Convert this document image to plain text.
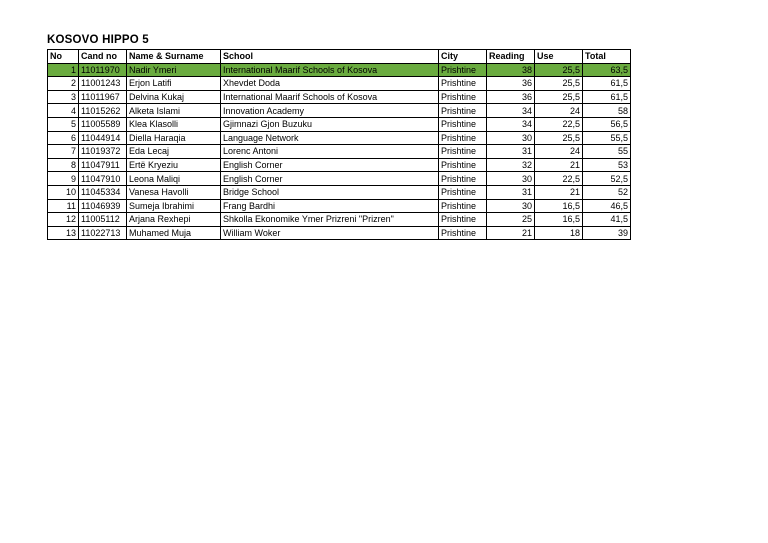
KOSOVO HIPPO 5
No	Cand no	Name & Surname	School	City	Reading	Use	Total
1	11011970	Nadir Ymeri	International Maarif Schools of Kosova	Prishtine	38	25,5	63,5
2	11001243	Erjon Latifi	Xhevdet Doda	Prishtine	36	25,5	61,5
3	11011967	Delvina Kukaj	International Maarif Schools of Kosova	Prishtine	36	25,5	61,5
4	11015262	Alketa Islami	Innovation Academy	Prishtine	34	24	58
5	11005589	Klea Klasolli	Gjimnazi Gjon Buzuku	Prishtine	34	22,5	56,5
6	11044914	Diella Haraqia	Language Network	Prishtine	30	25,5	55,5
7	11019372	Eda Lecaj	Lorenc Antoni	Prishtine	31	24	55
8	11047911	Ertë Kryeziu	English Corner	Prishtine	32	21	53
9	11047910	Leona Maliqi	English Corner	Prishtine	30	22,5	52,5
10	11045334	Vanesa Havolli	Bridge School	Prishtine	31	21	52
11	11046939	Sumeja Ibrahimi	Frang Bardhi	Prishtine	30	16,5	46,5
12	11005112	Arjana Rexhepi	Shkolla Ekonomike Ymer Prizreni "Prizren"	Prishtine	25	16,5	41,5
13	11022713	Muhamed Muja	William Woker	Prishtine	21	18	39
